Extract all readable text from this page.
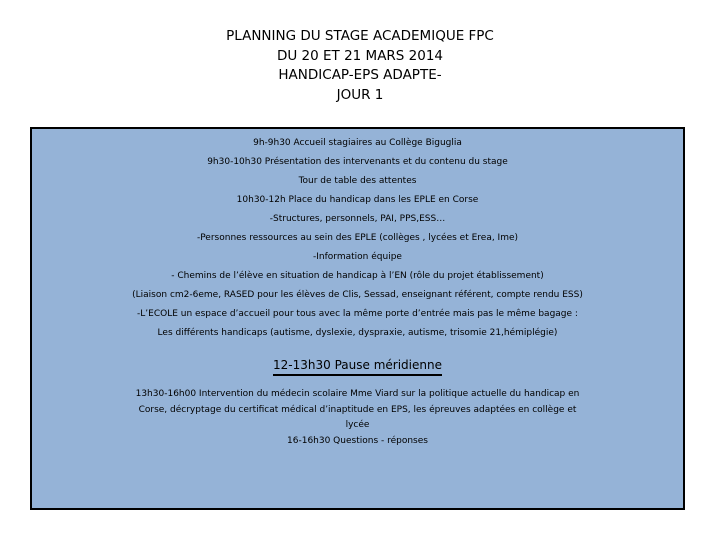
PLANNING DU STAGE ACADEMIQUE FPC
DU 20 ET 21 MARS 2014
HANDICAP-EPS ADAPTE-
JOUR 1
9h-9h30 Accueil stagiaires au Collège Biguglia
9h30-10h30 Présentation des intervenants et du contenu du stage
Tour de table des attentes
10h30-12h Place du handicap dans les EPLE en Corse
-Structures, personnels, PAI, PPS,ESS…
-Personnes ressources au sein des EPLE (collèges , lycées et Erea, Ime)
-Information équipe
- Chemins de l’élève en situation de handicap à l’EN (rôle du projet établissement)
(Liaison cm2-6eme, RASED pour les élèves de Clis, Sessad, enseignant référent, compte rendu ESS)
-L’ECOLE un espace d’accueil pour tous avec la même porte d’entrée mais pas le même bagage :
Les différents handicaps (autisme, dyslexie, dyspraxie, autisme, trisomie 21,hémiplégie)
12-13h30 Pause méridienne
13h30-16h00 Intervention du médecin scolaire Mme Viard sur la politique actuelle du handicap en
Corse, décryptage du certificat médical d’inaptitude en EPS, les épreuves adaptées en collège et
lycée
16-16h30 Questions - réponses
